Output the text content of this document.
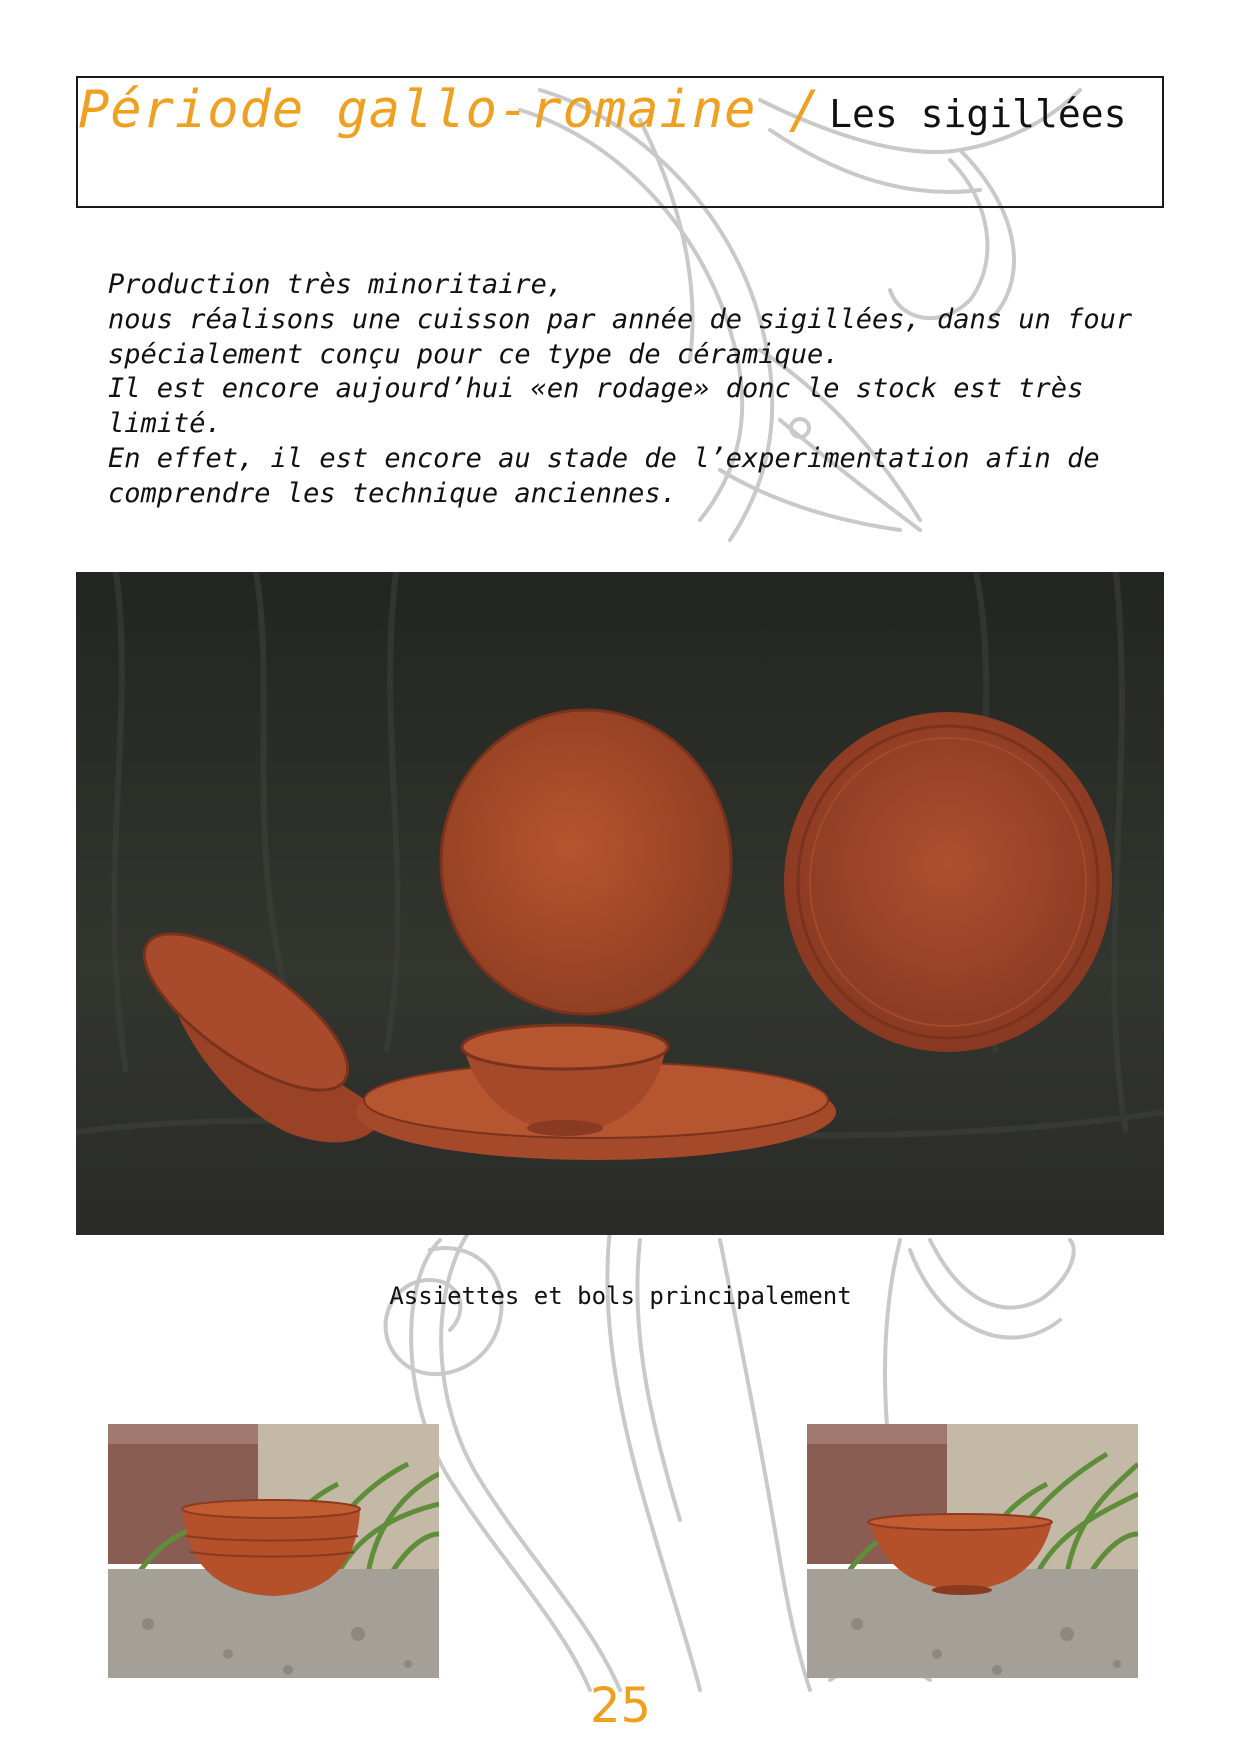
Période gallo-romaine / Les sigillées

Production très minoritaire,

nous réalisons une cuisson par année de sigillées, dans un four spécialement conçu pour ce type de céramique.

Il est encore aujourd’hui «en rodage» donc le stock est très limité.

En effet, il est encore au stade de l’experimentation afin de comprendre les technique anciennes.

Assiettes et bols principalement
25
